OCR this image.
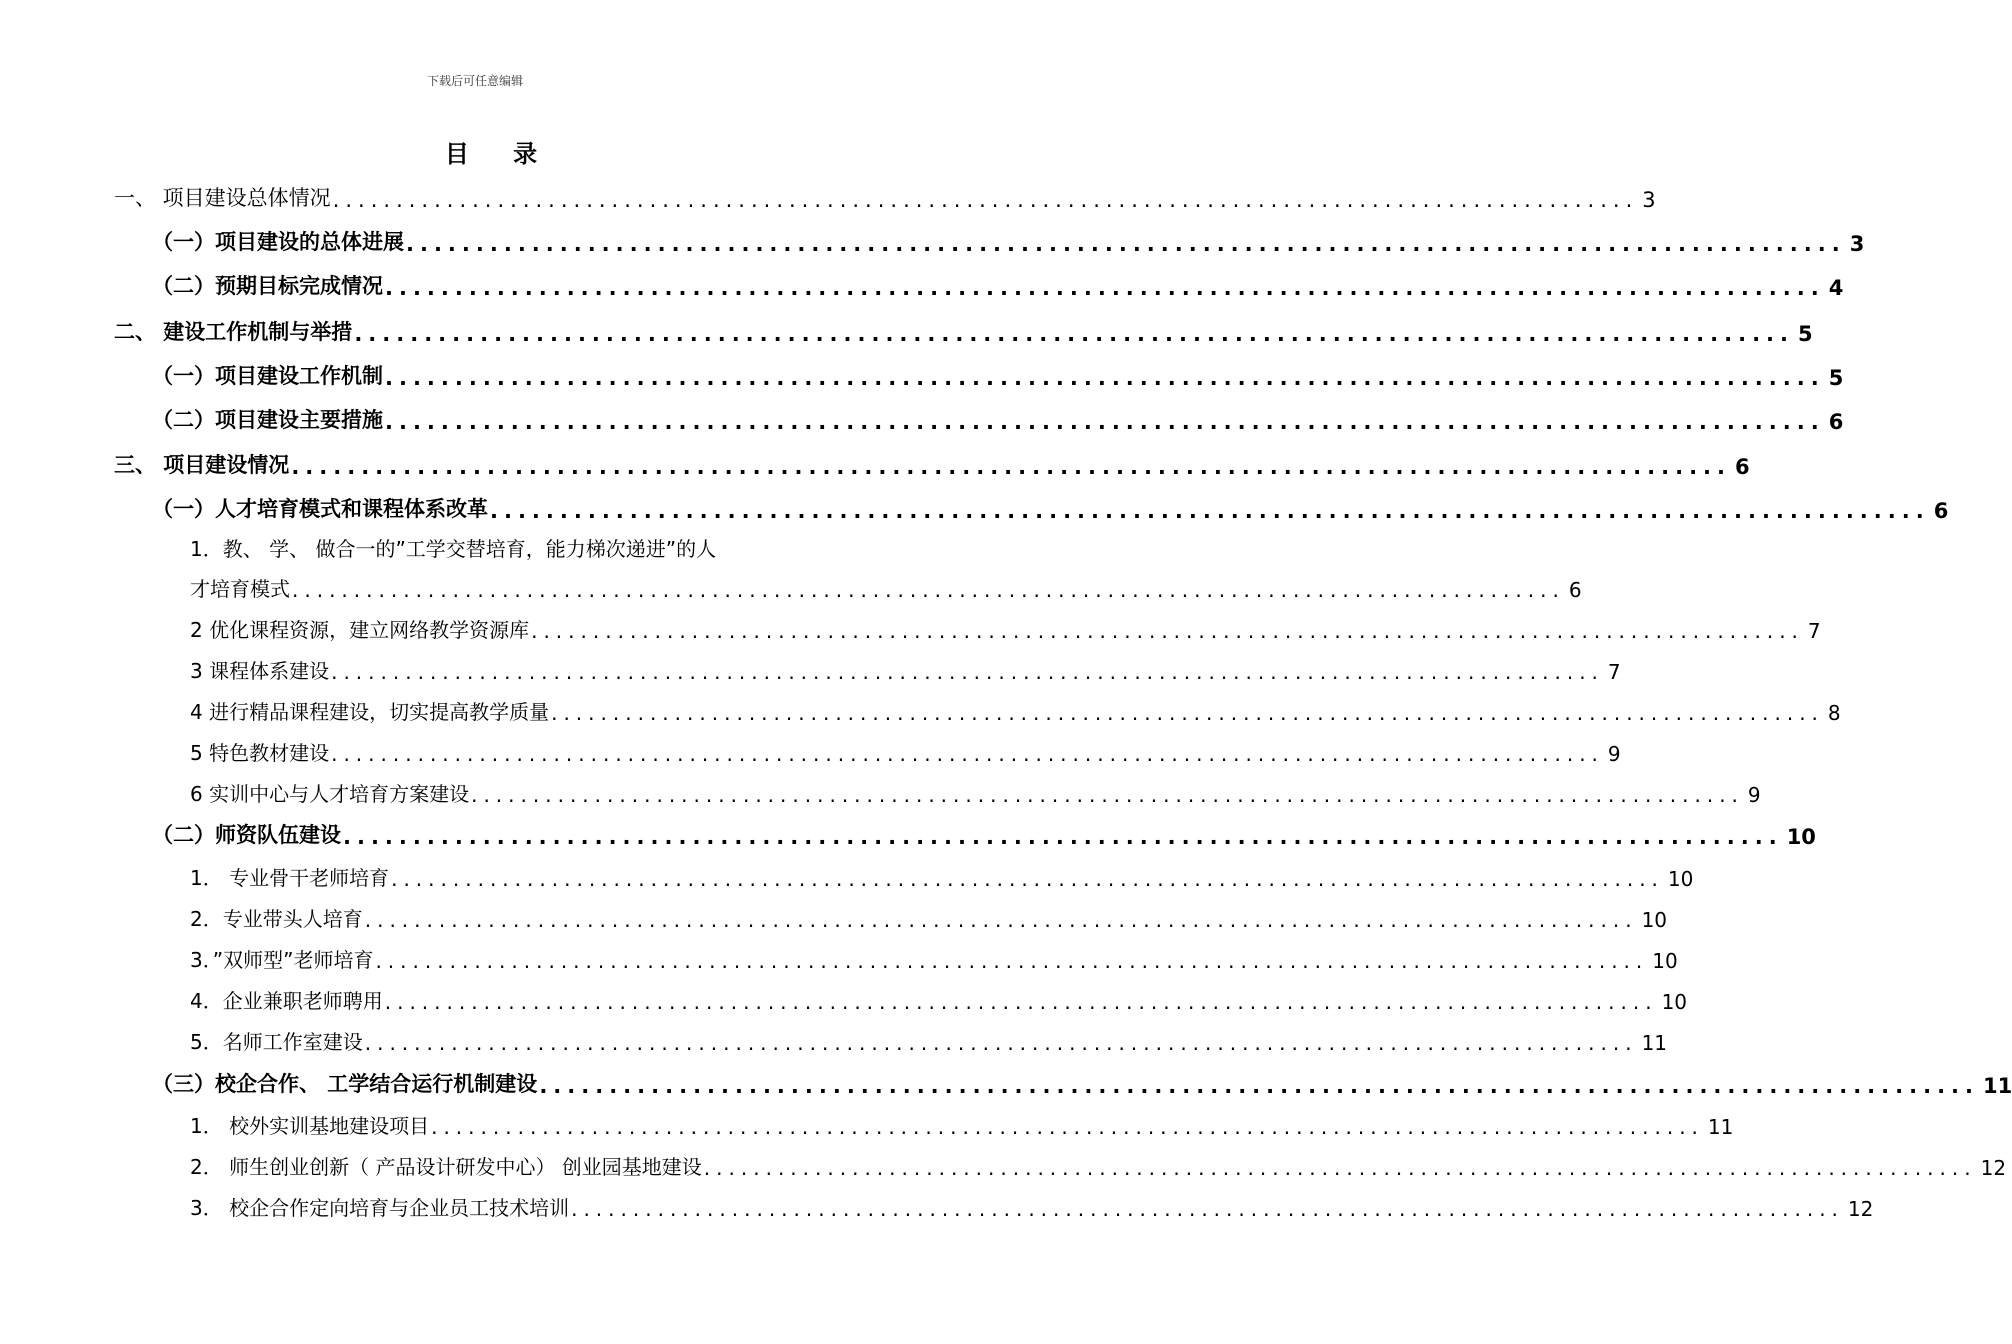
下载后可任意编辑
目 录
一、 项目建设总体情况 ....................................................................................................... 3
（一）项目建设的总体进展 ....................................................................................................... 3
（二）预期目标完成情况 ....................................................................................................... 4
二、 建设工作机制与举措 ....................................................................................................... 5
（一）项目建设工作机制 ....................................................................................................... 5
（二）项目建设主要措施 ....................................................................................................... 6
三、 项目建设情况 ....................................................................................................... 6
（一）人才培育模式和课程体系改革 ....................................................................................................... 6
1．教、 学、 做合一的”工学交替培育，能力梯次递进”的人
才培育模式 ....................................................................................................... 6
2 优化课程资源，建立网络教学资源库 ....................................................................................................... 7
3 课程体系建设 ....................................................................................................... 7
4 进行精品课程建设，切实提高教学质量 ....................................................................................................... 8
5 特色教材建设 ....................................................................................................... 9
6 实训中心与人才培育方案建设 ....................................................................................................... 9
（二）师资队伍建设 ....................................................................................................... 10
1． 专业骨干老师培育 ....................................................................................................... 10
2．专业带头人培育 ....................................................................................................... 10
3．”双师型”老师培育 ....................................................................................................... 10
4．企业兼职老师聘用 ....................................................................................................... 10
5．名师工作室建设 ....................................................................................................... 11
（三）校企合作、 工学结合运行机制建设 ....................................................................................................... 11
1． 校外实训基地建设项目 ....................................................................................................... 11
2． 师生创业创新（ 产品设计研发中心） 创业园基地建设 ....................................................................................................... 12
3． 校企合作定向培育与企业员工技术培训 ....................................................................................................... 12
